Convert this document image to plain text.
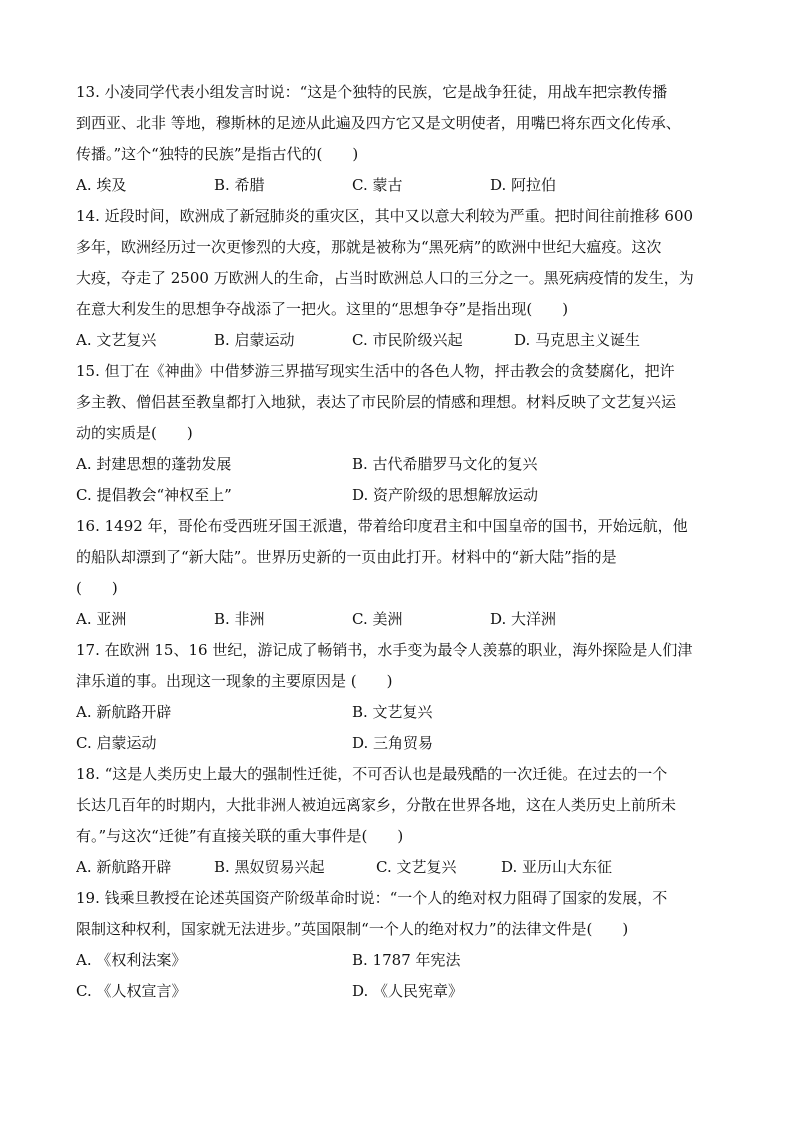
13. 小凌同学代表小组发言时说：“这是个独特的民族，它是战争狂徒，用战车把宗教传播
到西亚、北非 等地，穆斯林的足迹从此遍及四方它又是文明使者，用嘴巴将东西文化传承、
传播。”这个“独特的民族”是指古代的(　　)
A. 埃及	B. 希腊	C. 蒙古	D. 阿拉伯
14. 近段时间，欧洲成了新冠肺炎的重灾区，其中又以意大利较为严重。把时间往前推移 600
多年，欧洲经历过一次更惨烈的大疫，那就是被称为“黑死病”的欧洲中世纪大瘟疫。这次
大疫，夺走了 2500 万欧洲人的生命，占当时欧洲总人口的三分之一。黑死病疫情的发生，为
在意大利发生的思想争夺战添了一把火。这里的“思想争夺”是指出现(　　)
A. 文艺复兴	B. 启蒙运动	C. 市民阶级兴起	D. 马克思主义诞生
15. 但丁在《神曲》中借梦游三界描写现实生活中的各色人物，抨击教会的贪婪腐化，把许
多主教、僧侣甚至教皇都打入地狱，表达了市民阶层的情感和理想。材料反映了文艺复兴运
动的实质是(　　)
A. 封建思想的蓬勃发展	B. 古代希腊罗马文化的复兴
C. 提倡教会“神权至上”	D. 资产阶级的思想解放运动
16. 1492 年，哥伦布受西班牙国王派遣，带着给印度君主和中国皇帝的国书，开始远航，他
的船队却漂到了“新大陆”。世界历史新的一页由此打开。材料中的“新大陆”指的是
(　　)
A. 亚洲	B. 非洲	C. 美洲	D. 大洋洲
17. 在欧洲 15、16 世纪，游记成了畅销书，水手变为最令人羡慕的职业，海外探险是人们津
津乐道的事。出现这一现象的主要原因是 (　　)
A. 新航路开辟	B. 文艺复兴
C. 启蒙运动	D. 三角贸易
18. “这是人类历史上最大的强制性迁徙，不可否认也是最残酷的一次迁徙。在过去的一个
长达几百年的时期内，大批非洲人被迫远离家乡，分散在世界各地，这在人类历史上前所未
有。”与这次“迁徙”有直接关联的重大事件是(　　)
A. 新航路开辟	B. 黑奴贸易兴起	C. 文艺复兴	D. 亚历山大东征
19. 钱乘旦教授在论述英国资产阶级革命时说：“一个人的绝对权力阻碍了国家的发展，不
限制这种权利，国家就无法进步。”英国限制“一个人的绝对权力”的法律文件是(　　)
A. 《权利法案》	B. 1787 年宪法
C. 《人权宣言》	D. 《人民宪章》
